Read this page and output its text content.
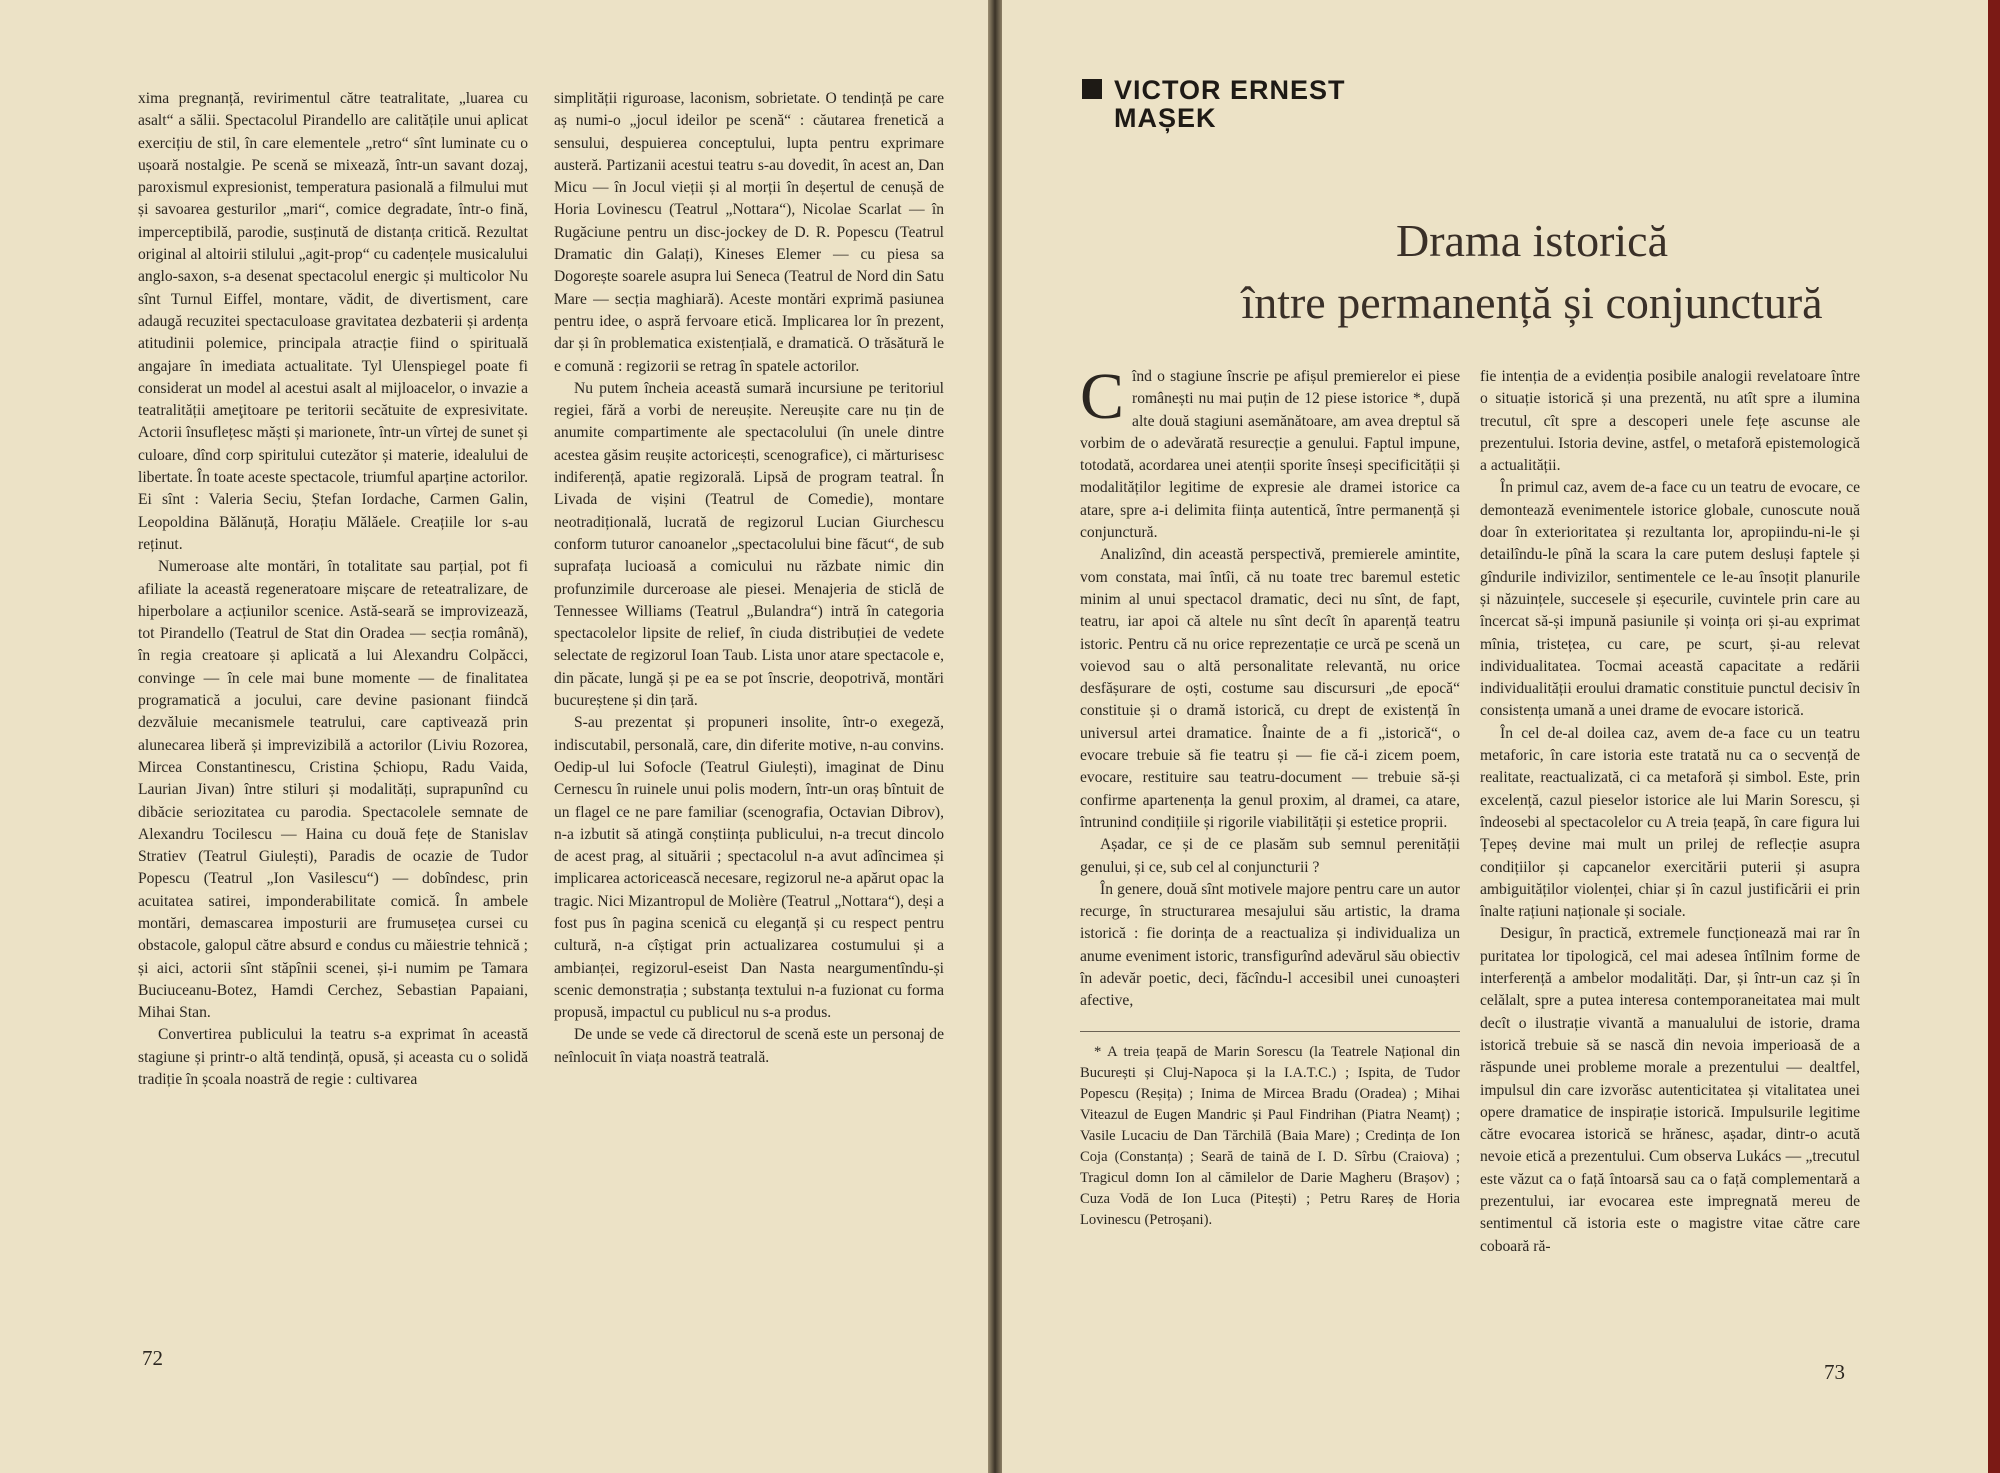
xima pregnanță, revirimentul către teatralitate, „luarea cu asalt“ a sălii. Spectacolul Pirandello are calitățile unui aplicat exercițiu de stil, în care elementele „retro“ sînt luminate cu o ușoară nostalgie. Pe scenă se mixează, într-un savant dozaj, paroxismul expresionist, temperatura pasională a filmului mut și savoarea gesturilor „mari“, comice degradate, într-o fină, imperceptibilă, parodie, susținută de distanța critică. Rezultat original al altoirii stilului „agit-prop“ cu cadențele musicalului anglo-saxon, s-a desenat spectacolul energic și multicolor Nu sînt Turnul Eiffel, montare, vădit, de divertisment, care adaugă recuzitei spectaculoase gravitatea dezbaterii și ardența atitudinii polemice, principala atracție fiind o spirituală angajare în imediata actualitate. Tyl Ulenspiegel poate fi considerat un model al acestui asalt al mijloacelor, o invazie a teatralității ameţitoare pe teritorii secătuite de expresivitate. Actorii însuflețesc măști și marionete, într-un vîrtej de sunet și culoare, dînd corp spiritului cutezător și materie, idealului de libertate. În toate aceste spectacole, triumful aparține actorilor. Ei sînt : Valeria Seciu, Ștefan Iordache, Carmen Galin, Leopoldina Bălănuță, Horațiu Mălăele. Creațiile lor s-au reținut.

Numeroase alte montări, în totalitate sau parțial, pot fi afiliate la această regeneratoare mișcare de reteatralizare, de hiperbolare a acțiunilor scenice. Astă-seară se improvizează, tot Pirandello (Teatrul de Stat din Oradea — secția română), în regia creatoare și aplicată a lui Alexandru Colpăcci, convinge — în cele mai bune momente — de finalitatea programatică a jocului, care devine pasionant fiindcă dezvăluie mecanismele teatrului, care captivează prin alunecarea liberă și imprevizibilă a actorilor (Liviu Rozorea, Mircea Constantinescu, Cristina Șchiopu, Radu Vaida, Laurian Jivan) între stiluri și modalități, suprapunînd cu dibăcie seriozitatea cu parodia. Spectacolele semnate de Alexandru Tocilescu — Haina cu două fețe de Stanislav Stratiev (Teatrul Giulești), Paradis de ocazie de Tudor Popescu (Teatrul „Ion Vasilescu“) — dobîndesc, prin acuitatea satirei, imponderabilitate comică. În ambele montări, demascarea imposturii are frumusețea cursei cu obstacole, galopul către absurd e condus cu măiestrie tehnică ; și aici, actorii sînt stăpînii scenei, și-i numim pe Tamara Buciuceanu-Botez, Hamdi Cerchez, Sebastian Papaiani, Mihai Stan.

Convertirea publicului la teatru s-a exprimat în această stagiune și printr-o altă tendință, opusă, și aceasta cu o solidă tradiție în școala noastră de regie : cultivarea

simplității riguroase, laconism, sobrietate. O tendință pe care aș numi-o „jocul ideilor pe scenă“ : căutarea frenetică a sensului, despuierea conceptului, lupta pentru exprimare austeră. Partizanii acestui teatru s-au dovedit, în acest an, Dan Micu — în Jocul vieții și al morții în deșertul de cenușă de Horia Lovinescu (Teatrul „Nottara“), Nicolae Scarlat — în Rugăciune pentru un disc-jockey de D. R. Popescu (Teatrul Dramatic din Galați), Kineses Elemer — cu piesa sa Dogorește soarele asupra lui Seneca (Teatrul de Nord din Satu Mare — secția maghiară). Aceste montări exprimă pasiunea pentru idee, o aspră fervoare etică. Implicarea lor în prezent, dar și în problematica existențială, e dramatică. O trăsătură le e comună : regizorii se retrag în spatele actorilor.

Nu putem încheia această sumară incursiune pe teritoriul regiei, fără a vorbi de nereușite. Nereușite care nu țin de anumite compartimente ale spectacolului (în unele dintre acestea găsim reușite actoricești, scenografice), ci mărturisesc indiferență, apatie regizorală. Lipsă de program teatral. În Livada de vișini (Teatrul de Comedie), montare neotradițională, lucrată de regizorul Lucian Giurchescu conform tuturor canoanelor „spectacolului bine făcut“, de sub suprafața lucioasă a comicului nu răzbate nimic din profunzimile durceroase ale piesei. Menajeria de sticlă de Tennessee Williams (Teatrul „Bulandra“) intră în categoria spectacolelor lipsite de relief, în ciuda distribuției de vedete selectate de regizorul Ioan Taub. Lista unor atare spectacole e, din păcate, lungă și pe ea se pot înscrie, deopotrivă, montări bucureștene și din țară.

S-au prezentat și propuneri insolite, într-o exegeză, indiscutabil, personală, care, din diferite motive, n-au convins. Oedip-ul lui Sofocle (Teatrul Giulești), imaginat de Dinu Cernescu în ruinele unui polis modern, într-un oraș bîntuit de un flagel ce ne pare familiar (scenografia, Octavian Dibrov), n-a izbutit să atingă conștiința publicului, n-a trecut dincolo de acest prag, al situării ; spectacolul n-a avut adîncimea și implicarea actoricească necesare, regizorul ne-a apărut opac la tragic. Nici Mizantropul de Molière (Teatrul „Nottara“), deși a fost pus în pagina scenică cu eleganță și cu respect pentru cultură, n-a cîștigat prin actualizarea costumului și a ambianței, regizorul-eseist Dan Nasta neargumentîndu-și scenic demonstrația ; substanța textului n-a fuzionat cu forma propusă, impactul cu publicul nu s-a produs.

De unde se vede că directorul de scenă este un personaj de neînlocuit în viața noastră teatrală.

72
VICTOR ERNEST
MAȘEK
Drama istorică
între permanență și conjunctură

Cînd o stagiune înscrie pe afișul premierelor ei piese românești nu mai puțin de 12 piese istorice *, după alte două stagiuni asemănătoare, am avea dreptul să vorbim de o adevărată resurecție a genului. Faptul impune, totodată, acordarea unei atenții sporite înseși specificității și modalităților legitime de expresie ale dramei istorice ca atare, spre a-i delimita ființa autentică, între permanență și conjunctură.

Analizînd, din această perspectivă, premierele amintite, vom constata, mai întîi, că nu toate trec baremul estetic minim al unui spectacol dramatic, deci nu sînt, de fapt, teatru, iar apoi că altele nu sînt decît în aparență teatru istoric. Pentru că nu orice reprezentație ce urcă pe scenă un voievod sau o altă personalitate relevantă, nu orice desfășurare de oști, costume sau discursuri „de epocă“ constituie și o dramă istorică, cu drept de existență în universul artei dramatice. Înainte de a fi „istorică“, o evocare trebuie să fie teatru și — fie că-i zicem poem, evocare, restituire sau teatru-document — trebuie să-și confirme apartenența la genul proxim, al dramei, ca atare, întrunind condițiile și rigorile viabilității și estetice proprii.

Așadar, ce și de ce plasăm sub semnul perenității genului, și ce, sub cel al conjuncturii ?

În genere, două sînt motivele majore pentru care un autor recurge, în structurarea mesajului său artistic, la drama istorică : fie dorința de a reactualiza și individualiza un anume eveniment istoric, transfigurînd adevărul său obiectiv în adevăr poetic, deci, făcîndu-l accesibil unei cunoașteri afective,

* A treia țeapă de Marin Sorescu (la Teatrele Național din București și Cluj-Napoca și la I.A.T.C.) ; Ispita, de Tudor Popescu (Reșița) ; Inima de Mircea Bradu (Oradea) ; Mihai Viteazul de Eugen Mandric și Paul Findrihan (Piatra Neamț) ; Vasile Lucaciu de Dan Tărchilă (Baia Mare) ; Credința de Ion Coja (Constanța) ; Seară de taină de I. D. Sîrbu (Craiova) ; Tragicul domn Ion al cămilelor de Darie Magheru (Brașov) ; Cuza Vodă de Ion Luca (Pitești) ; Petru Rareș de Horia Lovinescu (Petroșani).

fie intenția de a evidenția posibile analogii revelatoare între o situație istorică și una prezentă, nu atît spre a ilumina trecutul, cît spre a descoperi unele fețe ascunse ale prezentului. Istoria devine, astfel, o metaforă epistemologică a actualității.

În primul caz, avem de-a face cu un teatru de evocare, ce demontează evenimentele istorice globale, cunoscute nouă doar în exterioritatea și rezultanta lor, apropiindu-ni-le și detailîndu-le pînă la scara la care putem desluși faptele și gîndurile indivizilor, sentimentele ce le-au însoțit planurile și năzuințele, succesele și eșecurile, cuvintele prin care au încercat să-și impună pasiunile și voința ori și-au exprimat mînia, tristețea, cu care, pe scurt, și-au relevat individualitatea. Tocmai această capacitate a redării individualității eroului dramatic constituie punctul decisiv în consistența umană a unei drame de evocare istorică.

În cel de-al doilea caz, avem de-a face cu un teatru metaforic, în care istoria este tratată nu ca o secvență de realitate, reactualizată, ci ca metaforă și simbol. Este, prin excelență, cazul pieselor istorice ale lui Marin Sorescu, și îndeosebi al spectacolelor cu A treia țeapă, în care figura lui Țepeș devine mai mult un prilej de reflecție asupra condițiilor și capcanelor exercitării puterii și asupra ambiguităților violenței, chiar și în cazul justificării ei prin înalte rațiuni naționale și sociale.

Desigur, în practică, extremele funcționează mai rar în puritatea lor tipologică, cel mai adesea întîlnim forme de interferență a ambelor modalități. Dar, și într-un caz și în celălalt, spre a putea interesa contemporaneitatea mai mult decît o ilustrație vivantă a manualului de istorie, drama istorică trebuie să se nască din nevoia imperioasă de a răspunde unei probleme morale a prezentului — dealtfel, impulsul din care izvorăsc autenticitatea și vitalitatea unei opere dramatice de inspirație istorică. Impulsurile legitime către evocarea istorică se hrănesc, așadar, dintr-o acută nevoie etică a prezentului. Cum observa Lukács — „trecutul este văzut ca o față întoarsă sau ca o față complementară a prezentului, iar evocarea este impregnată mereu de sentimentul că istoria este o magistre vitae către care coboară ră-

73
